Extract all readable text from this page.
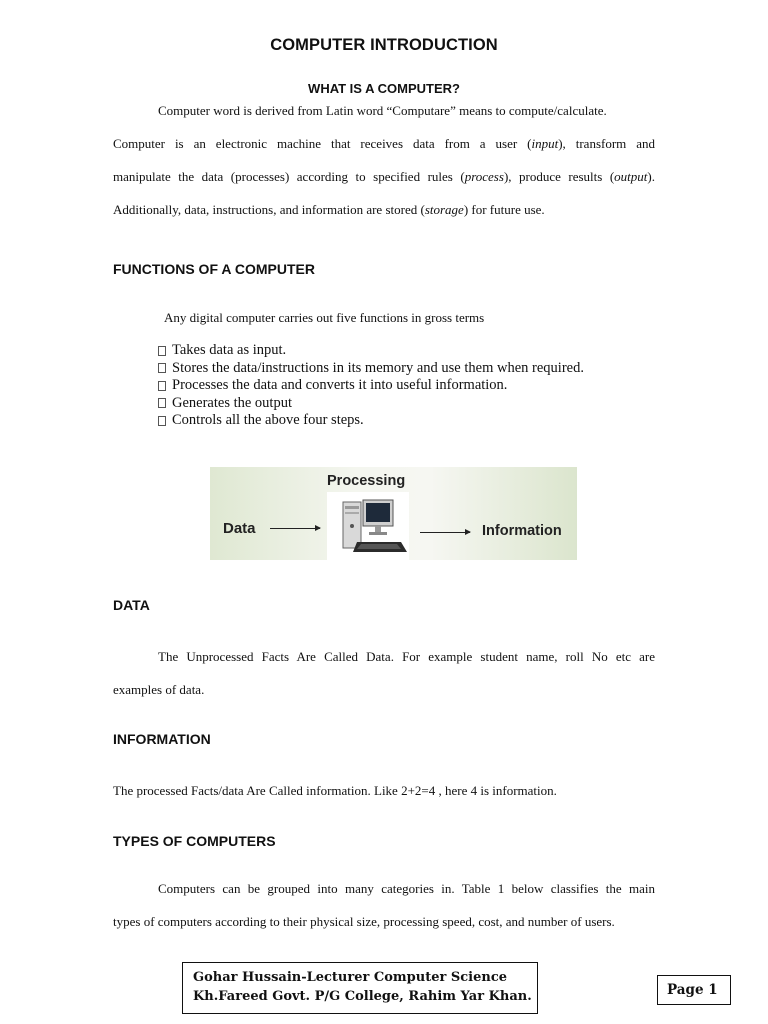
COMPUTER INTRODUCTION
WHAT IS A COMPUTER?
Computer word is derived from Latin word “Computare” means to compute/calculate.
Computer is an electronic machine that receives data from a user (input), transform and
manipulate the data (processes) according to specified rules (process), produce results (output).
Additionally, data, instructions, and information are stored (storage) for future use.
FUNCTIONS OF A COMPUTER
Any digital computer carries out five functions in gross terms
Takes data as input.
Stores the data/instructions in its memory and use them when required.
Processes the data and converts it into useful information.
Generates the output
Controls all the above four steps.
Processing
Data	Information
DATA
The Unprocessed Facts Are Called Data. For example student name, roll No etc are
examples of data.
INFORMATION
The processed Facts/data Are Called information. Like 2+2=4 , here 4 is information.
TYPES OF COMPUTERS
Computers can be grouped into many categories in. Table 1 below classifies the main
types of computers according to their physical size, processing speed, cost, and number of users.
Gohar Hussain-Lecturer Computer Science
Kh.Fareed Govt. P/G College, Rahim Yar Khan.	Page 1
